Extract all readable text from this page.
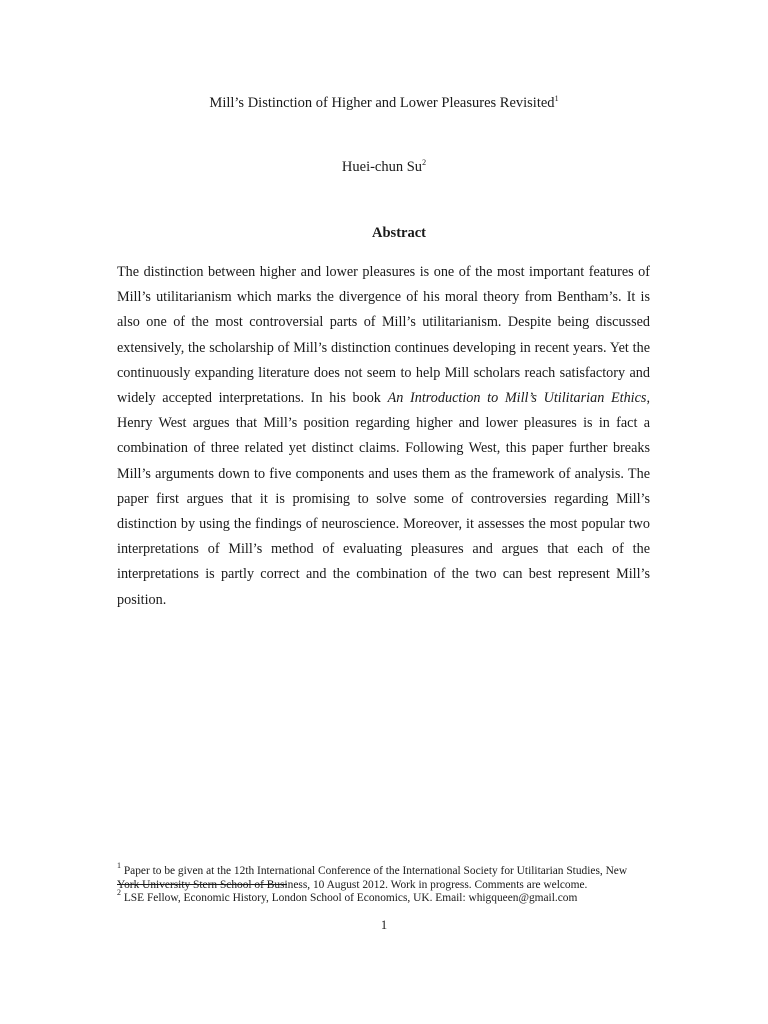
Mill’s Distinction of Higher and Lower Pleasures Revisited$^1$
Huei-chun Su$^2$
Abstract

The distinction between higher and lower pleasures is one of the most important features of Mill’s utilitarianism which marks the divergence of his moral theory from Bentham’s. It is also one of the most controversial parts of Mill’s utilitarianism. Despite being discussed extensively, the scholarship of Mill’s distinction continues developing in recent years. Yet the continuously expanding literature does not seem to help Mill scholars reach satisfactory and widely accepted interpretations. In his book An Introduction to Mill’s Utilitarian Ethics, Henry West argues that Mill’s position regarding higher and lower pleasures is in fact a combination of three related yet distinct claims. Following West, this paper further breaks Mill’s arguments down to five components and uses them as the framework of analysis. The paper first argues that it is promising to solve some of controversies regarding Mill’s distinction by using the findings of neuroscience. Moreover, it assesses the most popular two interpretations of Mill’s method of evaluating pleasures and argues that each of the interpretations is partly correct and the combination of the two can best represent Mill’s position.

$^1$ Paper to be given at the 12th International Conference of the International Society for Utilitarian Studies, New York University Stern School of Business, 10 August 2012. Work in progress. Comments are welcome.

$^2$ LSE Fellow, Economic History, London School of Economics, UK. Email: whigqueen@gmail.com

1
